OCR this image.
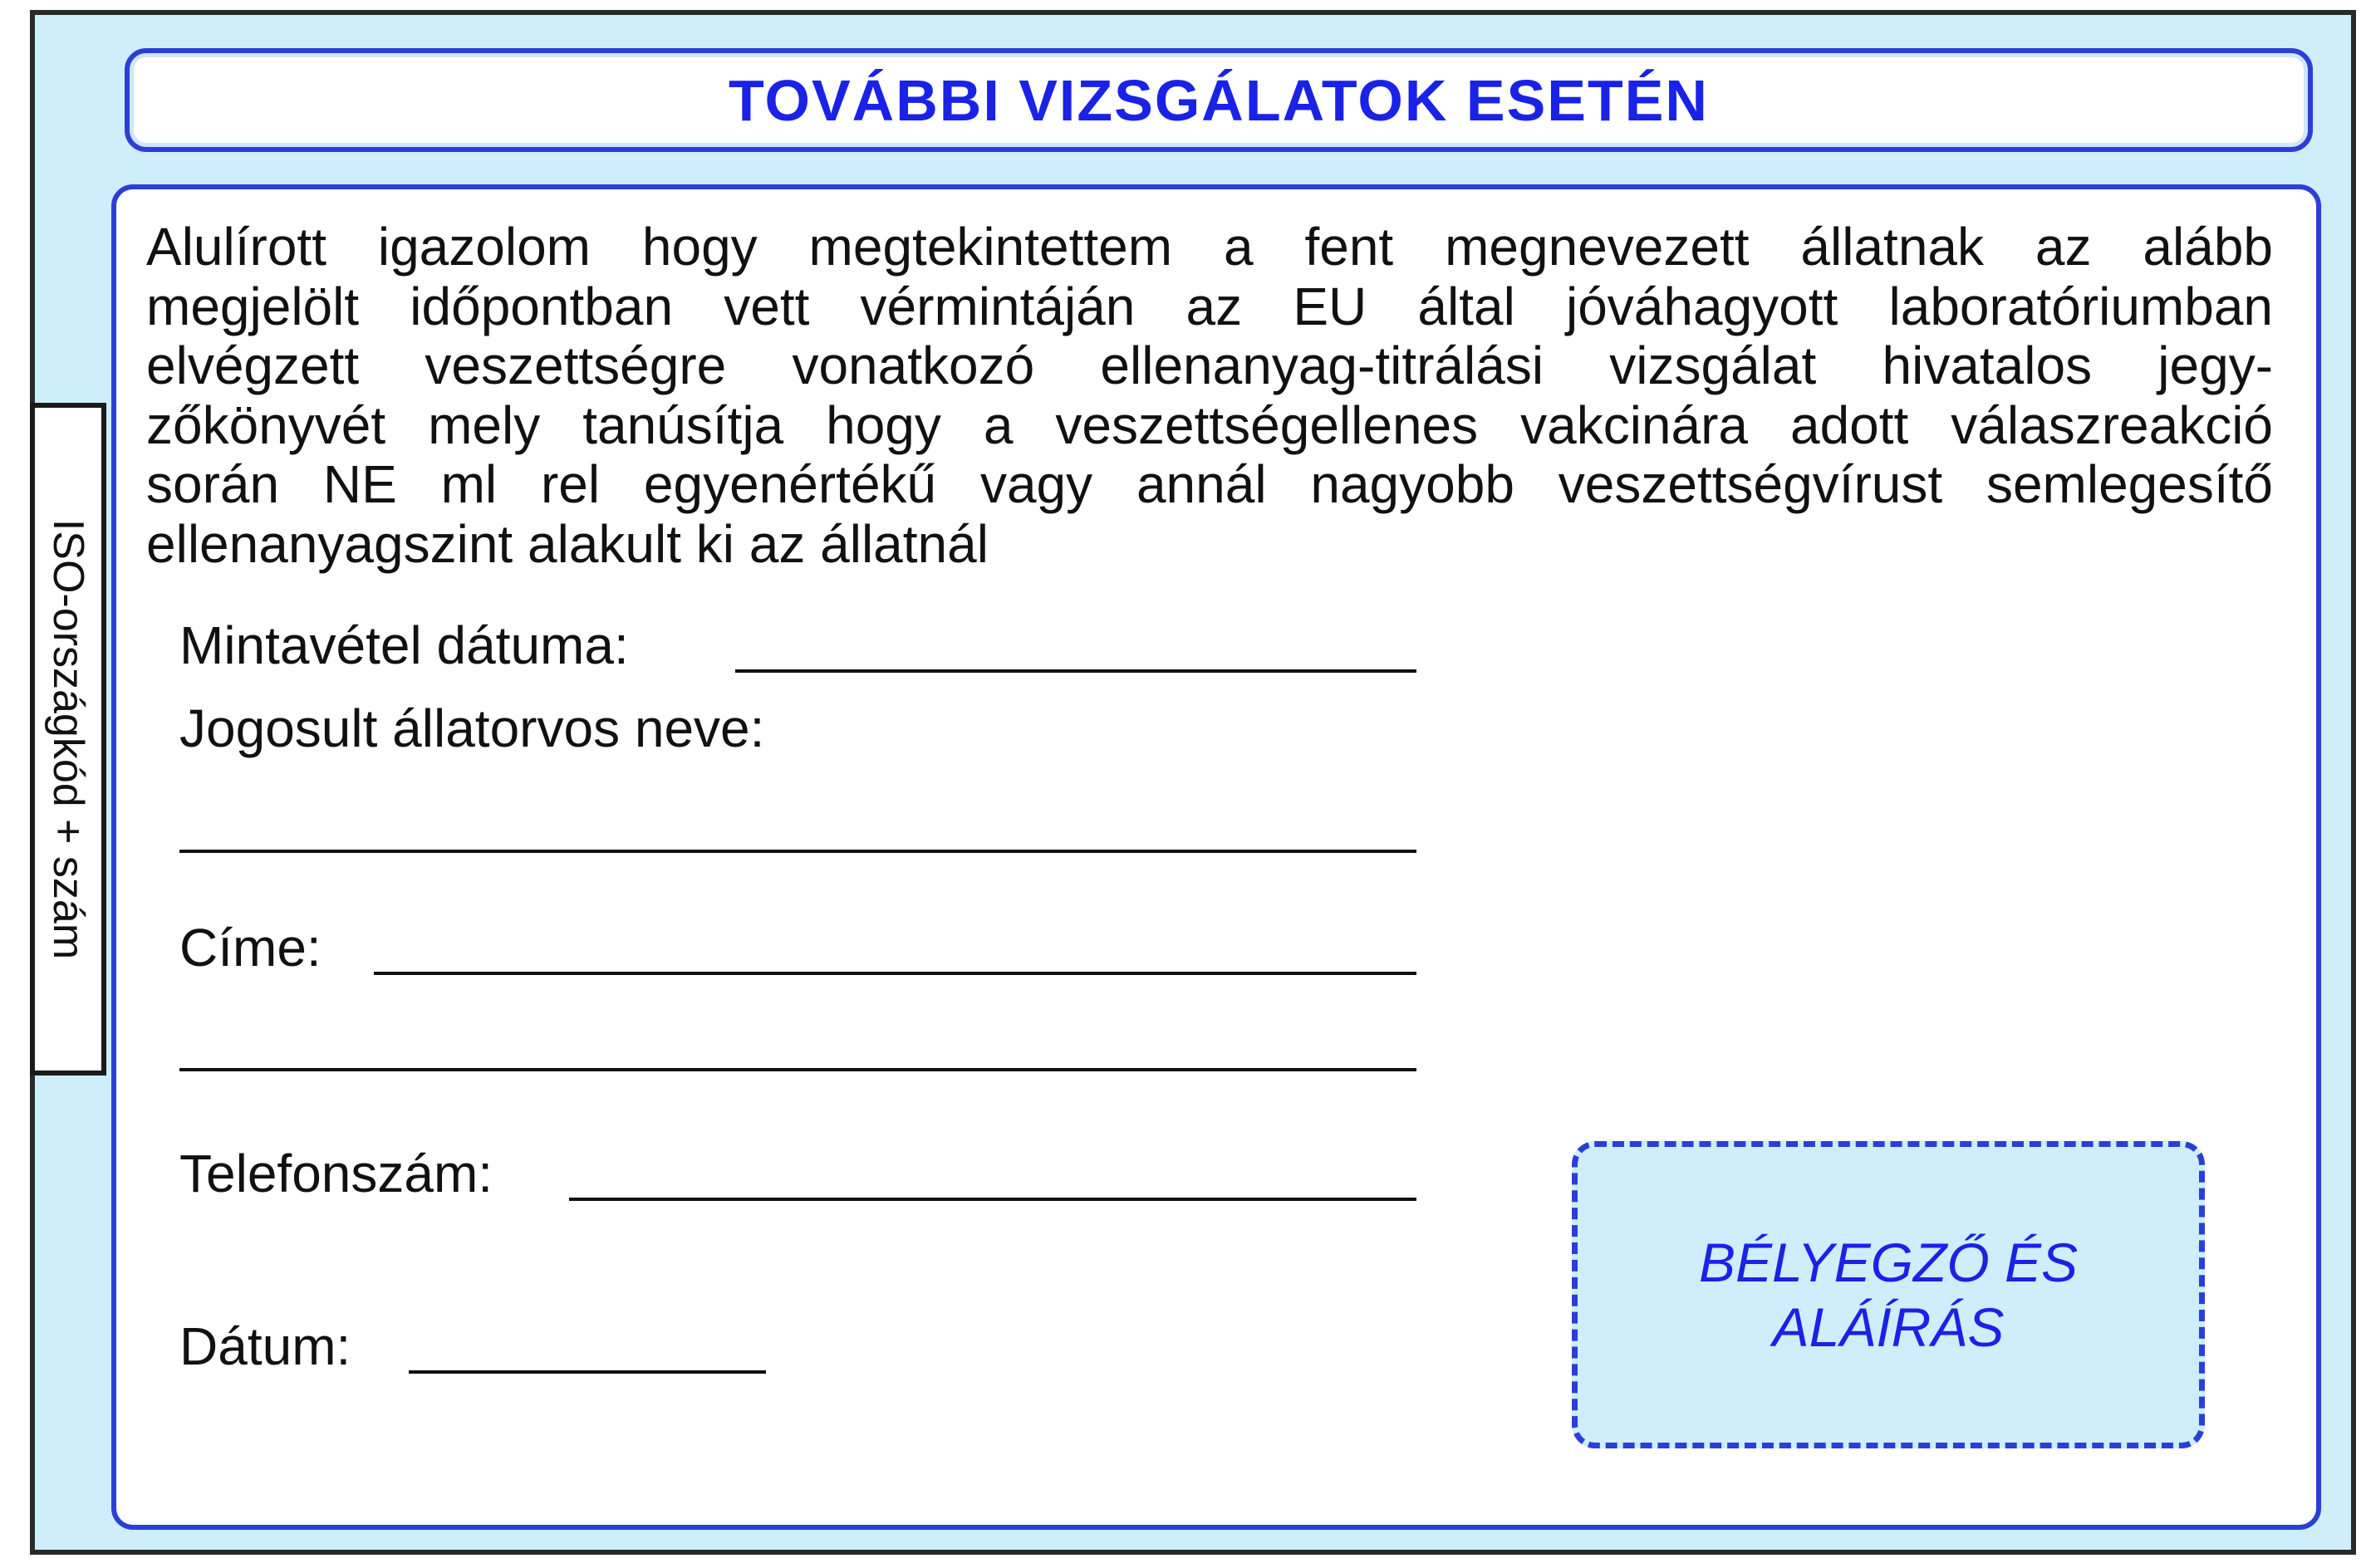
ISO-országkód + szám
TOVÁBBI VIZSGÁLATOK ESETÉN

Alulírott igazolom hogy megtekintettem a fent megnevezett állatnak az alább
megjelölt időpontban vett vérmintáján az EU által jóváhagyott laboratóriumban
elvégzett veszettségre vonatkozó ellenanyag-titrálási vizsgálat hivatalos jegy-
zőkönyvét mely tanúsítja hogy a veszettségellenes vakcinára adott válaszreakció
során NE ml rel egyenértékű vagy annál nagyobb veszettségvírust semlegesítő
ellenanyagszint alakult ki az állatnál

Mintavétel dátuma:
Jogosult állatorvos neve:
Címe:
Telefonszám:
Dátum:
BÉLYEGZŐ ÉS
ALÁÍRÁS
